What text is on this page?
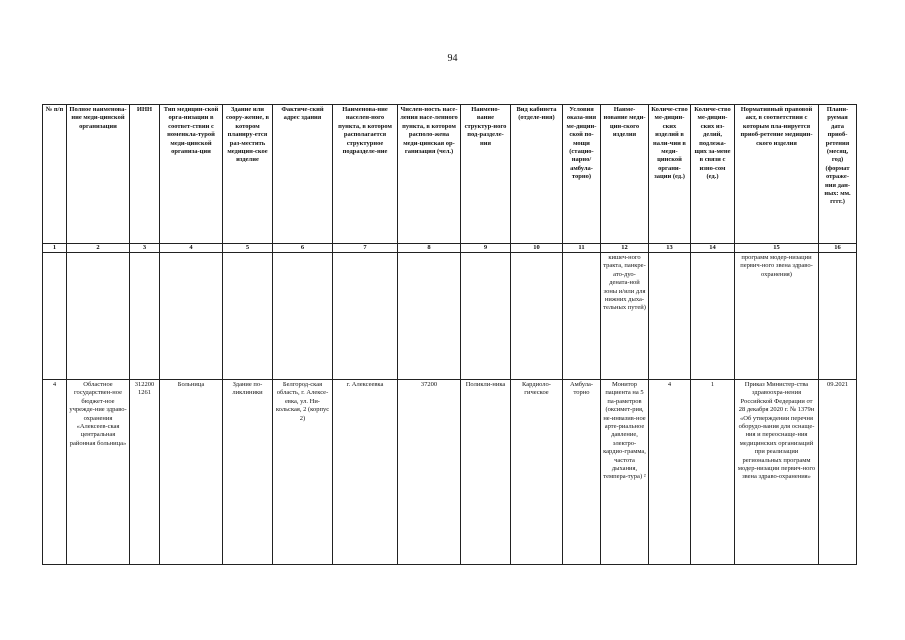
94
№ п/п	Полное наименова-ние меди-цинской организации	ИНН	Тип медицин-ской орга-низации в соответ-ствии с номенкла-турой меди-цинской организа-ции	Здание или соору-жение, в котором планиру-ется раз-местить медицин-ское изделие	Фактиче-ский адрес здания	Наименова-ние населен-ного пункта, в котором располагается структурное подразделе-ние	Числен-ность насе-ления насе-ленного пункта, в котором располо-жена меди-цинская ор-ганизация (чел.)	Наимено-вание структур-ного под-разделе-ния	Вид кабинета (отделе-ния)	Условия оказа-ния ме-дицин-ской по-мощи (стацио-нарно/ амбула-торно)	Наиме-нование меди-цин-ского изделия	Количе-ство ме-дицин-ских изделий в нали-чии в меди-цинской органи-зации (ед.)	Количе-ство ме-дицин-ских из-делий, подлежа-щих за-мене в связи с изно-сом (ед.)	Нормативный правовой акт, в соответствии с которым пла-нируется приоб-ретение медицин-ского изделия	Плани-руемая дата приоб-ретения (месяц, год) (формат отраже-ния дан-ных: мм. гггг.)
1	2	3	4	5	6	7	8	9	10	11	12	13	14	15	16
											кишеч-ного тракта, панкре-ато-дуо-дената-ной зоны и/или для нижних дыха-тельных путей)			программ модер-низации первич-ного звена здраво-охранения)	
4	Областное государствен-ное бюджет-ное учрежде-ние здраво-охранения «Алексеев-ская центральная районная больница»	312200 1261	Больница	Здание по-ликлиники	Белгород-ская область, г. Алексе-евка, ул. Ни-кольская, 2 (корпус 2)	г. Алексеевка	37200	Поликли-ника	Кардиоло-гическое	Амбула-торно	Монитор пациента на 5 па-раметров (оксимет-рия, не-инвазив-ное арте-риальное давление, электро-кардио-грамма, частота дыхания, темпера-тура) ²	4	1	Приказ Министер-ства здравоохра-нения Российской Федерации от 28 декабря 2020 г. № 1379н «Об утверждении перечня оборудо-вания для оснаще-ния и переоснаще-ния медицинских организаций при реализации региональных программ модер-низации первич-ного звена здраво-охранения»	09.2021
